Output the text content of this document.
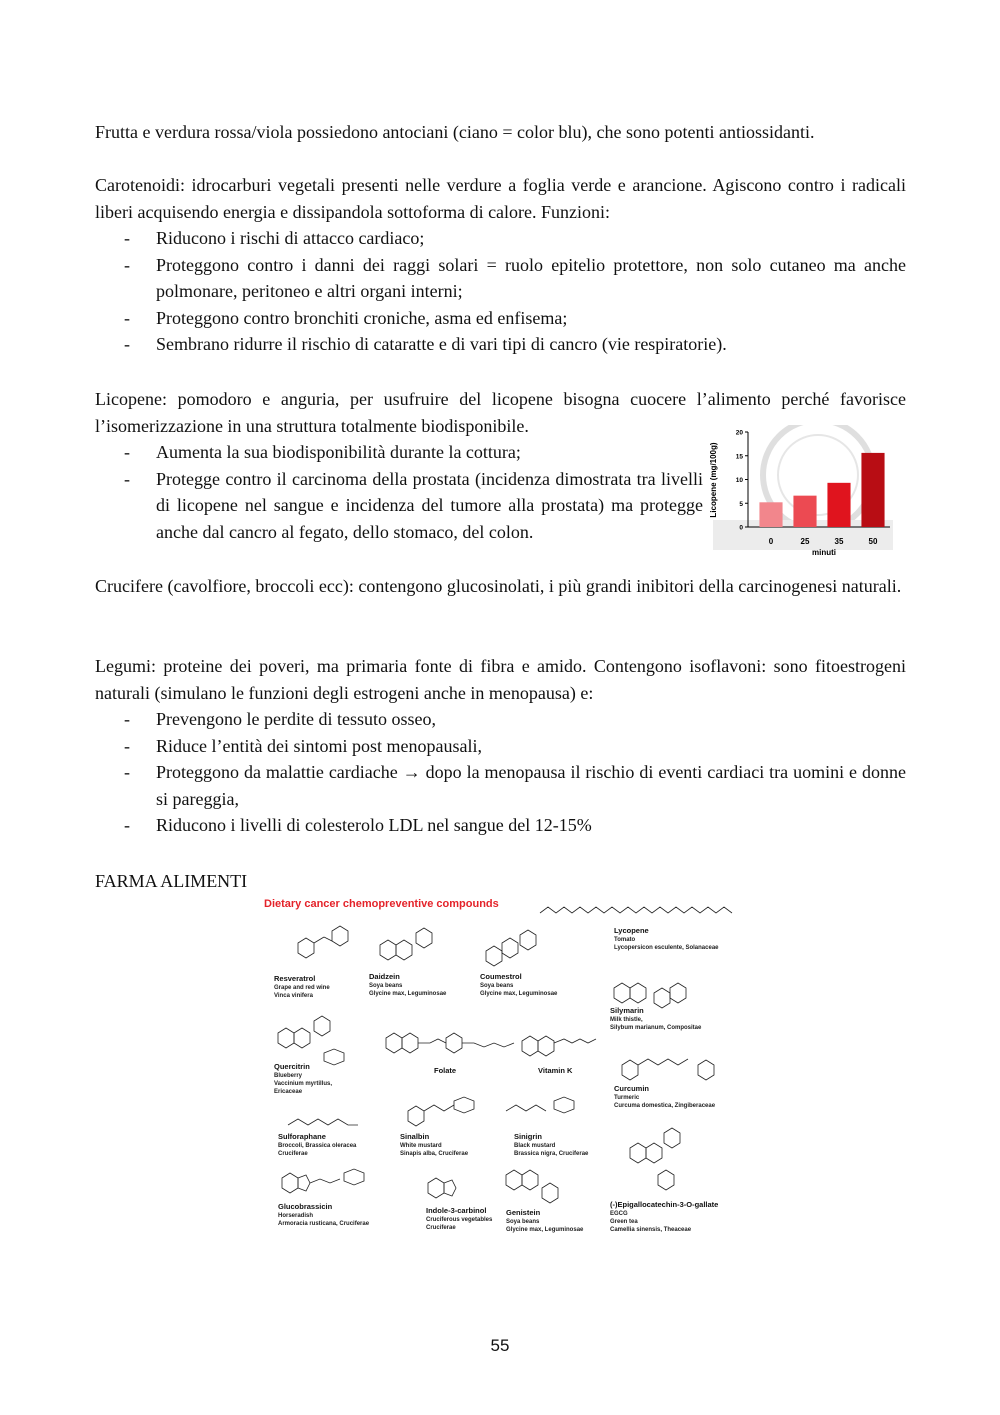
Frutta e verdura rossa/viola possiedono antociani (ciano = color blu), che sono potenti antiossidanti.

Carotenoidi: idrocarburi vegetali presenti nelle verdure a foglia verde e arancione. Agiscono contro i radicali liberi acquisendo energia e dissipandola sottoforma di calore. Funzioni:

- Riducono i rischi di attacco cardiaco;
- Proteggono contro i danni dei raggi solari = ruolo epitelio protettore, non solo cutaneo ma anche polmonare, peritoneo e altri organi interni;
- Proteggono contro bronchiti croniche, asma ed enfisema;
- Sembrano ridurre il rischio di cataratte e di vari tipi di cancro (vie respiratorie).

Licopene: pomodoro e anguria, per usufruire del licopene bisogna cuocere l’alimento perché favorisce l’isomerizzazione in una struttura totalmente biodisponibile.

- Aumenta la sua biodisponibilità durante la cottura;
- Protegge contro il carcinoma della prostata (incidenza dimostrata tra livelli di licopene nel sangue e incidenza del tumore alla prostata) ma protegge anche dal cancro al fegato, dello stomaco, del colon.	0
5
10
15
20
0	25	35	50
Licopene (mg/100g)
minuti

Crucifere (cavolfiore, broccoli ecc): contengono glucosinolati, i più grandi inibitori della carcinogenesi naturali.

Legumi: proteine dei poveri, ma primaria fonte di fibra e amido. Contengono isoflavoni: sono fitoestrogeni naturali (simulano le funzioni degli estrogeni anche in menopausa) e:

- Prevengono le perdite di tessuto osseo,
- Riduce l’entità dei sintomi post menopausali,
- Proteggono da malattie cardiache → dopo la menopausa il rischio di eventi cardiaci tra uomini e donne si pareggia,
- Riducono i livelli di colesterolo LDL nel sangue del 12-15%
FARMA ALIMENTI
Dietary cancer chemopreventive compounds
Resveratrol
Grape and red wine
Vinca vinifera
Daidzein
Soya beans
Glycine max, Leguminosae
Coumestrol
Soya beans
Glycine max, Leguminosae
Lycopene
Tomato
Lycopersicon esculente, Solanaceae
Silymarin
Milk thistle,
Silybum marianum, Compositae
Quercitrin
Blueberry
Vaccinium myrtillus,
Ericaceae
Folate	Vitamin K
Curcumin
Turmeric
Curcuma domestica, Zingiberaceae
Sulforaphane
Broccoli, Brassica oleracea
Cruciferae
Sinalbin
White mustard
Sinapis alba, Cruciferae
Sinigrin
Black mustard
Brassica nigra, Cruciferae
(-)Epigallocatechin-3-O-gallate
EGCG
Green tea
Camellia sinensis, Theaceae
Glucobrassicin
Horseradish
Armoracia rusticana, Cruciferae
Indole-3-carbinol
Cruciferous vegetables
Cruciferae
Genistein
Soya beans
Glycine max, Leguminosae
55
